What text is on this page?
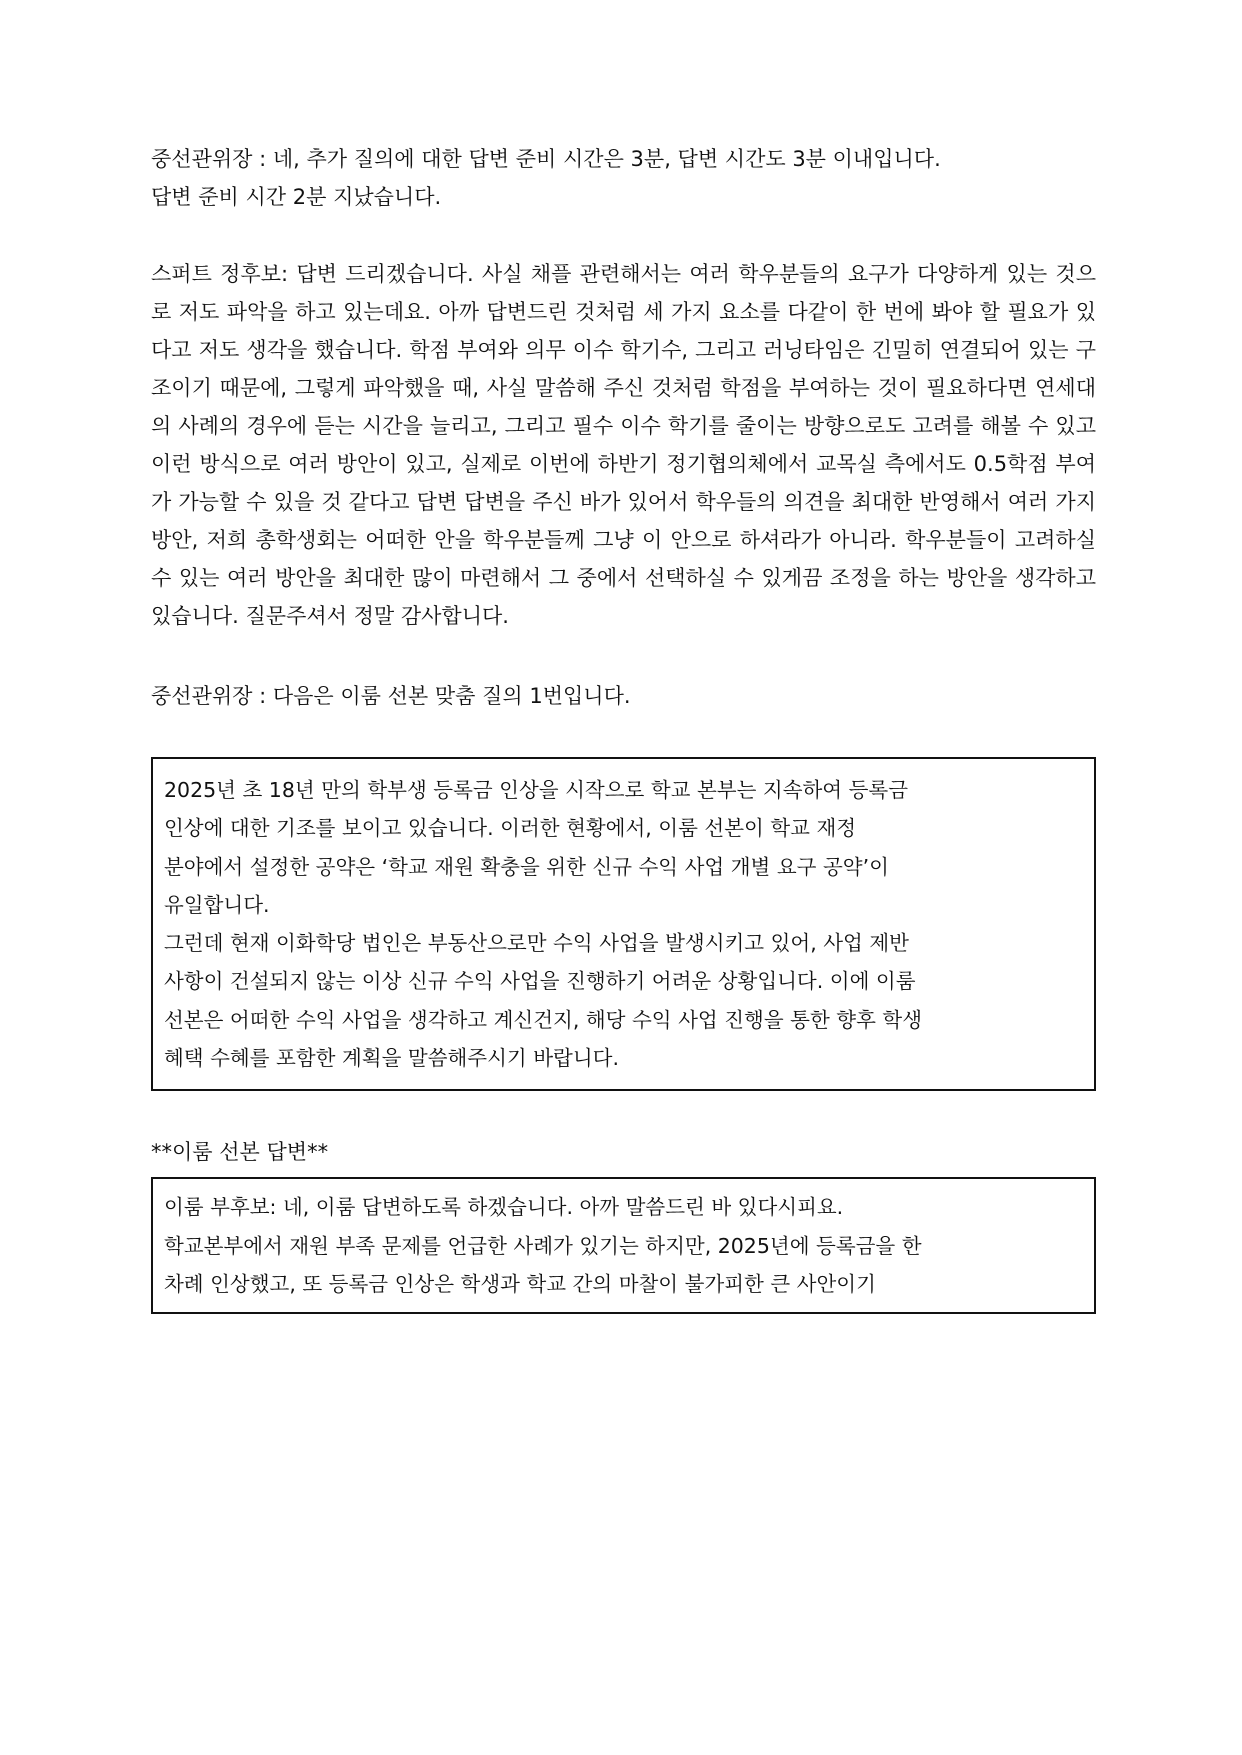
중선관위장 : 네, 추가 질의에 대한 답변 준비 시간은 3분, 답변 시간도 3분 이내입니다.

답변 준비 시간 2분 지났습니다.

스퍼트 정후보: 답변 드리겠습니다. 사실 채플 관련해서는 여러 학우분들의 요구가 다양하게 있는 것으로 저도 파악을 하고 있는데요. 아까 답변드린 것처럼 세 가지 요소를 다같이 한 번에 봐야 할 필요가 있다고 저도 생각을 했습니다. 학점 부여와 의무 이수 학기수, 그리고 러닝타임은 긴밀히 연결되어 있는 구조이기 때문에, 그렇게 파악했을 때, 사실 말씀해 주신 것처럼 학점을 부여하는 것이 필요하다면 연세대의 사례의 경우에 듣는 시간을 늘리고, 그리고 필수 이수 학기를 줄이는 방향으로도 고려를 해볼 수 있고 이런 방식으로 여러 방안이 있고, 실제로 이번에 하반기 정기협의체에서 교목실 측에서도 0.5학점 부여가 가능할 수 있을 것 같다고 답변 답변을 주신 바가 있어서 학우들의 의견을 최대한 반영해서 여러 가지 방안, 저희 총학생회는 어떠한 안을 학우분들께 그냥 이 안으로 하셔라가 아니라. 학우분들이 고려하실 수 있는 여러 방안을 최대한 많이 마련해서 그 중에서 선택하실 수 있게끔 조정을 하는 방안을 생각하고 있습니다. 질문주셔서 정말 감사합니다.

중선관위장 : 다음은 이룸 선본 맞춤 질의 1번입니다.

2025년 초 18년 만의 학부생 등록금 인상을 시작으로 학교 본부는 지속하여 등록금

인상에 대한 기조를 보이고 있습니다. 이러한 현황에서, 이룸 선본이 학교 재정

분야에서 설정한 공약은 ‘학교 재원 확충을 위한 신규 수익 사업 개별 요구 공약’이

유일합니다.

그런데 현재 이화학당 법인은 부동산으로만 수익 사업을 발생시키고 있어, 사업 제반

사항이 건설되지 않는 이상 신규 수익 사업을 진행하기 어려운 상황입니다. 이에 이룸

선본은 어떠한 수익 사업을 생각하고 계신건지, 해당 수익 사업 진행을 통한 향후 학생

혜택 수혜를 포함한 계획을 말씀해주시기 바랍니다.

**이룸 선본 답변**

이룸 부후보: 네, 이룸 답변하도록 하겠습니다. 아까 말씀드린 바 있다시피요.

학교본부에서 재원 부족 문제를 언급한 사례가 있기는 하지만, 2025년에 등록금을 한

차례 인상했고, 또 등록금 인상은 학생과 학교 간의 마찰이 불가피한 큰 사안이기
